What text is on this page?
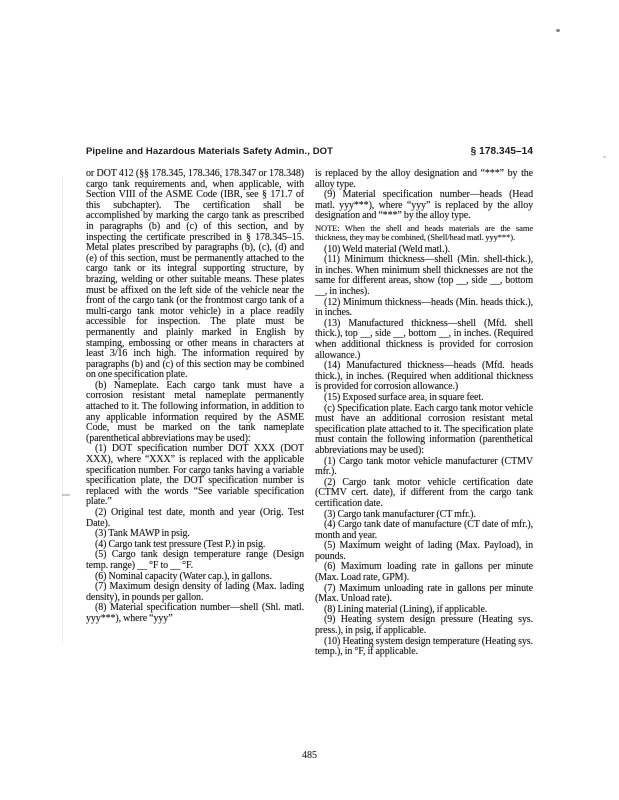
Pipeline and Hazardous Materials Safety Admin., DOT	§ 178.345–14

or DOT 412 (§§ 178.345, 178.346, 178.347 or 178.348) cargo tank requirements and, when applicable, with Section VIII of the ASME Code (IBR, see § 171.7 of this subchapter). The certification shall be accomplished by marking the cargo tank as prescribed in paragraphs (b) and (c) of this section, and by inspecting the certificate prescribed in § 178.345–15. Metal plates prescribed by paragraphs (b), (c), (d) and (e) of this section, must be permanently attached to the cargo tank or its integral supporting structure, by brazing, welding or other suitable means. These plates must be affixed on the left side of the vehicle near the front of the cargo tank (or the frontmost cargo tank of a multi-cargo tank motor vehicle) in a place readily accessible for inspection. The plate must be permanently and plainly marked in English by stamping, embossing or other means in characters at least 3/16 inch high. The information required by paragraphs (b) and (c) of this section may be combined on one specification plate.

(b) Nameplate. Each cargo tank must have a corrosion resistant metal nameplate permanently attached to it. The following information, in addition to any applicable information required by the ASME Code, must be marked on the tank nameplate (parenthetical abbreviations may be used):

(1) DOT specification number DOT XXX (DOT XXX), where “XXX” is replaced with the applicable specification number. For cargo tanks having a variable specification plate, the DOT specification number is replaced with the words “See variable specification plate.”

(2) Original test date, month and year (Orig. Test Date).

(3) Tank MAWP in psig.

(4) Cargo tank test pressure (Test P.) in psig.

(5) Cargo tank design temperature range (Design temp. range) __ °F to __ °F.

(6) Nominal capacity (Water cap.), in gallons.

(7) Maximum design density of lading (Max. lading density), in pounds per gallon.

(8) Material specification number—shell (Shl. matl. yyy***), where “yyy”

is replaced by the alloy designation and “***” by the alloy type.

(9) Material specification number—heads (Head matl. yyy***), where “yyy” is replaced by the alloy designation and “***” by the alloy type.

NOTE: When the shell and heads materials are the same thickness, they may be combined, (Shell/head matl. yyy***).

(10) Weld material (Weld matl.).

(11) Minimum thickness—shell (Min. shell-thick.), in inches. When minimum shell thicknesses are not the same for different areas, show (top __, side __, bottom __, in inches).

(12) Minimum thickness—heads (Min. heads thick.), in inches.

(13) Manufactured thickness—shell (Mfd. shell thick.), top __, side __, bottom __, in inches. (Required when additional thickness is provided for corrosion allowance.)

(14) Manufactured thickness—heads (Mfd. heads thick.), in inches. (Required when additional thickness is provided for corrosion allowance.)

(15) Exposed surface area, in square feet.

(c) Specification plate. Each cargo tank motor vehicle must have an additional corrosion resistant metal specification plate attached to it. The specification plate must contain the following information (parenthetical abbreviations may be used):

(1) Cargo tank motor vehicle manufacturer (CTMV mfr.).

(2) Cargo tank motor vehicle certification date (CTMV cert. date), if different from the cargo tank certification date.

(3) Cargo tank manufacturer (CT mfr.).

(4) Cargo tank date of manufacture (CT date of mfr.), month and year.

(5) Maximum weight of lading (Max. Payload), in pounds.

(6) Maximum loading rate in gallons per minute (Max. Load rate, GPM).

(7) Maximum unloading rate in gallons per minute (Max. Unload rate).

(8) Lining material (Lining), if applicable.

(9) Heating system design pressure (Heating sys. press.), in psig, if applicable.

(10) Heating system design temperature (Heating sys. temp.), in °F, if applicable.

485
